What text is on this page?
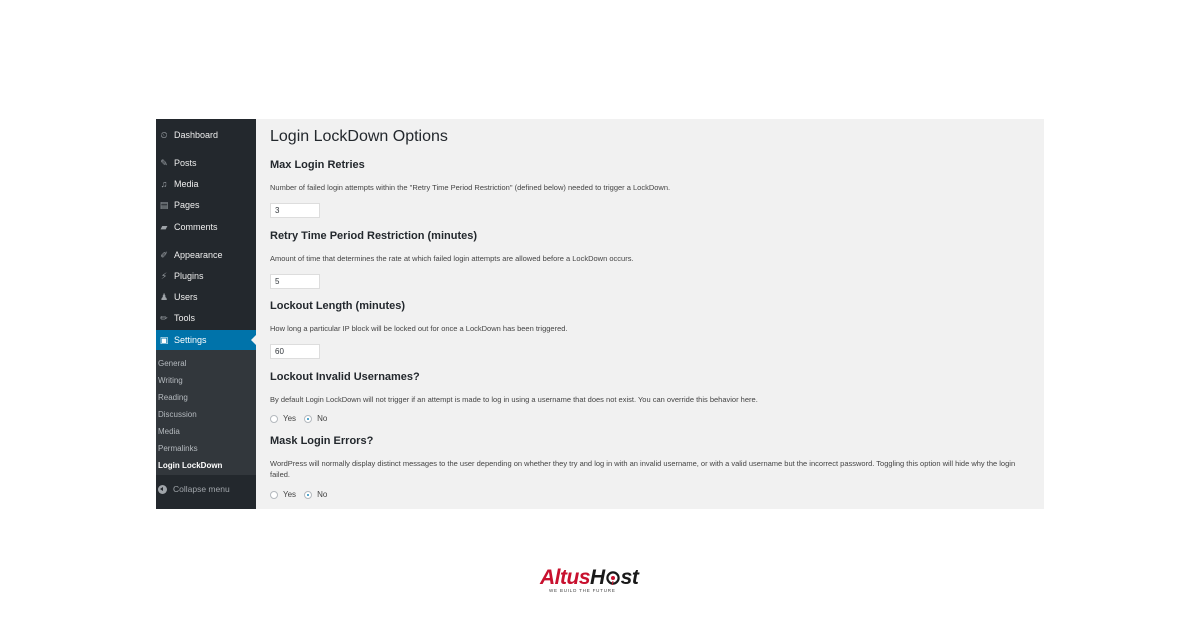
⏲ Dashboard
✎ Posts
♫ Media
▤ Pages
▰ Comments
✐ Appearance
⚡ Plugins
♟ Users
✏ Tools
▣ Settings
General
Writing
Reading
Discussion
Media
Permalinks
Login LockDown
Collapse menu
Login LockDown Options
Max Login Retries
Number of failed login attempts within the "Retry Time Period Restriction" (defined below) needed to trigger a LockDown.
3
Retry Time Period Restriction (minutes)
Amount of time that determines the rate at which failed login attempts are allowed before a LockDown occurs.
5
Lockout Length (minutes)
How long a particular IP block will be locked out for once a LockDown has been triggered.
60
Lockout Invalid Usernames?
By default Login LockDown will not trigger if an attempt is made to log in using a username that does not exist. You can override this behavior here.
Yes	No
Mask Login Errors?
WordPress will normally display distinct messages to the user depending on whether they try and log in with an invalid username, or with a valid username but the incorrect password. Toggling this option will hide why the login failed.
Yes	No
AltusH st
WE BUILD THE FUTURE
